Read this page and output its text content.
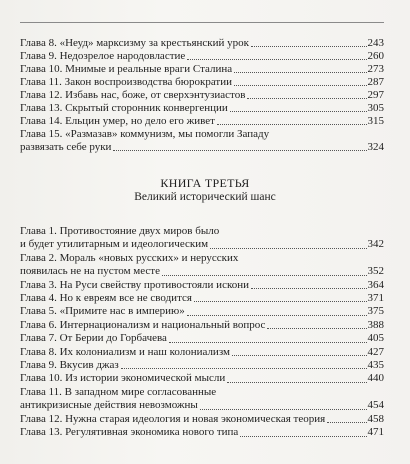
Глава 8. «Неуд» марксизму за крестьянский урок	243
Глава 9. Недозрелое народовластие	260
Глава 10. Мнимые и реальные враги Сталина	273
Глава 11. Закон воспроизводства бюрократии	287
Глава 12. Избавь нас, боже, от сверхэнтузиастов	297
Глава 13. Скрытый сторонник конвергенции	305
Глава 14. Ельцин умер, но дело его живет	315
Глава 15. «Размазав» коммунизм, мы помогли Западу
развязать себе руки	324
КНИГА ТРЕТЬЯ
Великий исторический шанс
Глава 1. Противостояние двух миров было
и будет утилитарным и идеологическим	342
Глава 2. Мораль «новых русских» и нерусских
появилась не на пустом месте	352
Глава 3. На Руси свейству противостояли искони	364
Глава 4. Но к евреям все не сводится	371
Глава 5. «Примите нас в империю»	375
Глава 6. Интернационализм и национальный вопрос	388
Глава 7. От Берии до Горбачева	405
Глава 8. Их колониализм и наш колониализм	427
Глава 9. Вкусив джаз	435
Глава 10. Из истории экономической мысли	440
Глава 11. В западном мире согласованные
антикризисные действия невозможны	454
Глава 12. Нужна старая идеология и новая экономическая теория	458
Глава 13. Регулятивная экономика нового типа	471
